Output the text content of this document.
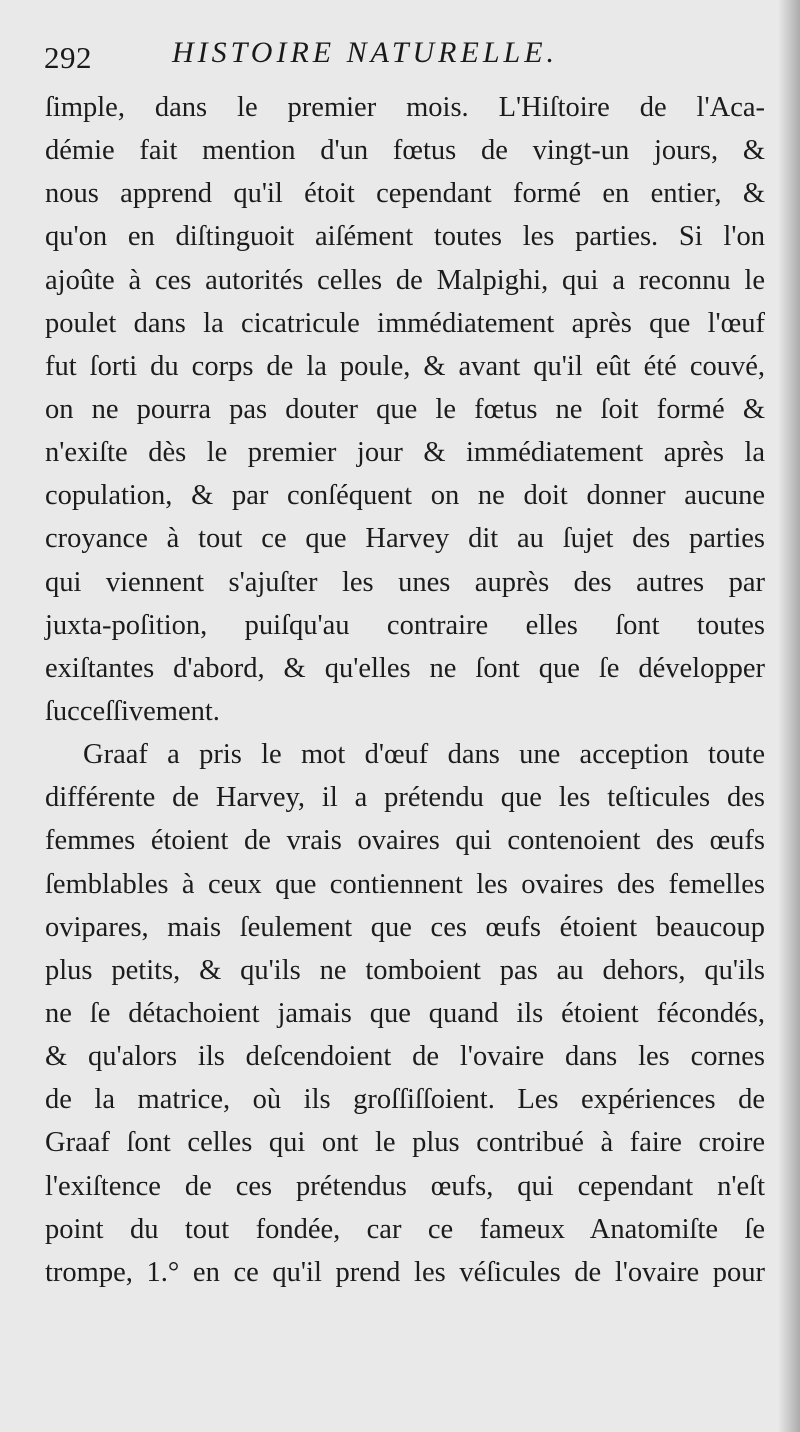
292	HISTOIRE NATURELLE.
ſimple, dans le premier mois. L'Hiſtoire de l'Aca-
démie fait mention d'un fœtus de vingt-un jours, &
nous apprend qu'il étoit cependant formé en entier, &
qu'on en diſtinguoit aiſément toutes les parties. Si l'on
ajoûte à ces autorités celles de Malpighi, qui a reconnu le
poulet dans la cicatricule immédiatement après que l'œuf
fut ſorti du corps de la poule, & avant qu'il eût été couvé,
on ne pourra pas douter que le fœtus ne ſoit formé &
n'exiſte dès le premier jour & immédiatement après la
copulation, & par conſéquent on ne doit donner aucune
croyance à tout ce que Harvey dit au ſujet des parties
qui viennent s'ajuſter les unes auprès des autres par
juxta-poſition, puiſqu'au contraire elles ſont toutes
exiſtantes d'abord, & qu'elles ne ſont que ſe développer
ſucceſſivement.
Graaf a pris le mot d'œuf dans une acception toute
différente de Harvey, il a prétendu que les teſticules des
femmes étoient de vrais ovaires qui contenoient des œufs
ſemblables à ceux que contiennent les ovaires des femelles
ovipares, mais ſeulement que ces œufs étoient beaucoup
plus petits, & qu'ils ne tomboient pas au dehors, qu'ils
ne ſe détachoient jamais que quand ils étoient fécondés,
& qu'alors ils deſcendoient de l'ovaire dans les cornes
de la matrice, où ils groſſiſſoient. Les expériences de
Graaf ſont celles qui ont le plus contribué à faire croire
l'exiſtence de ces prétendus œufs, qui cependant n'eſt
point du tout fondée, car ce fameux Anatomiſte ſe
trompe, 1.° en ce qu'il prend les véſicules de l'ovaire pour
